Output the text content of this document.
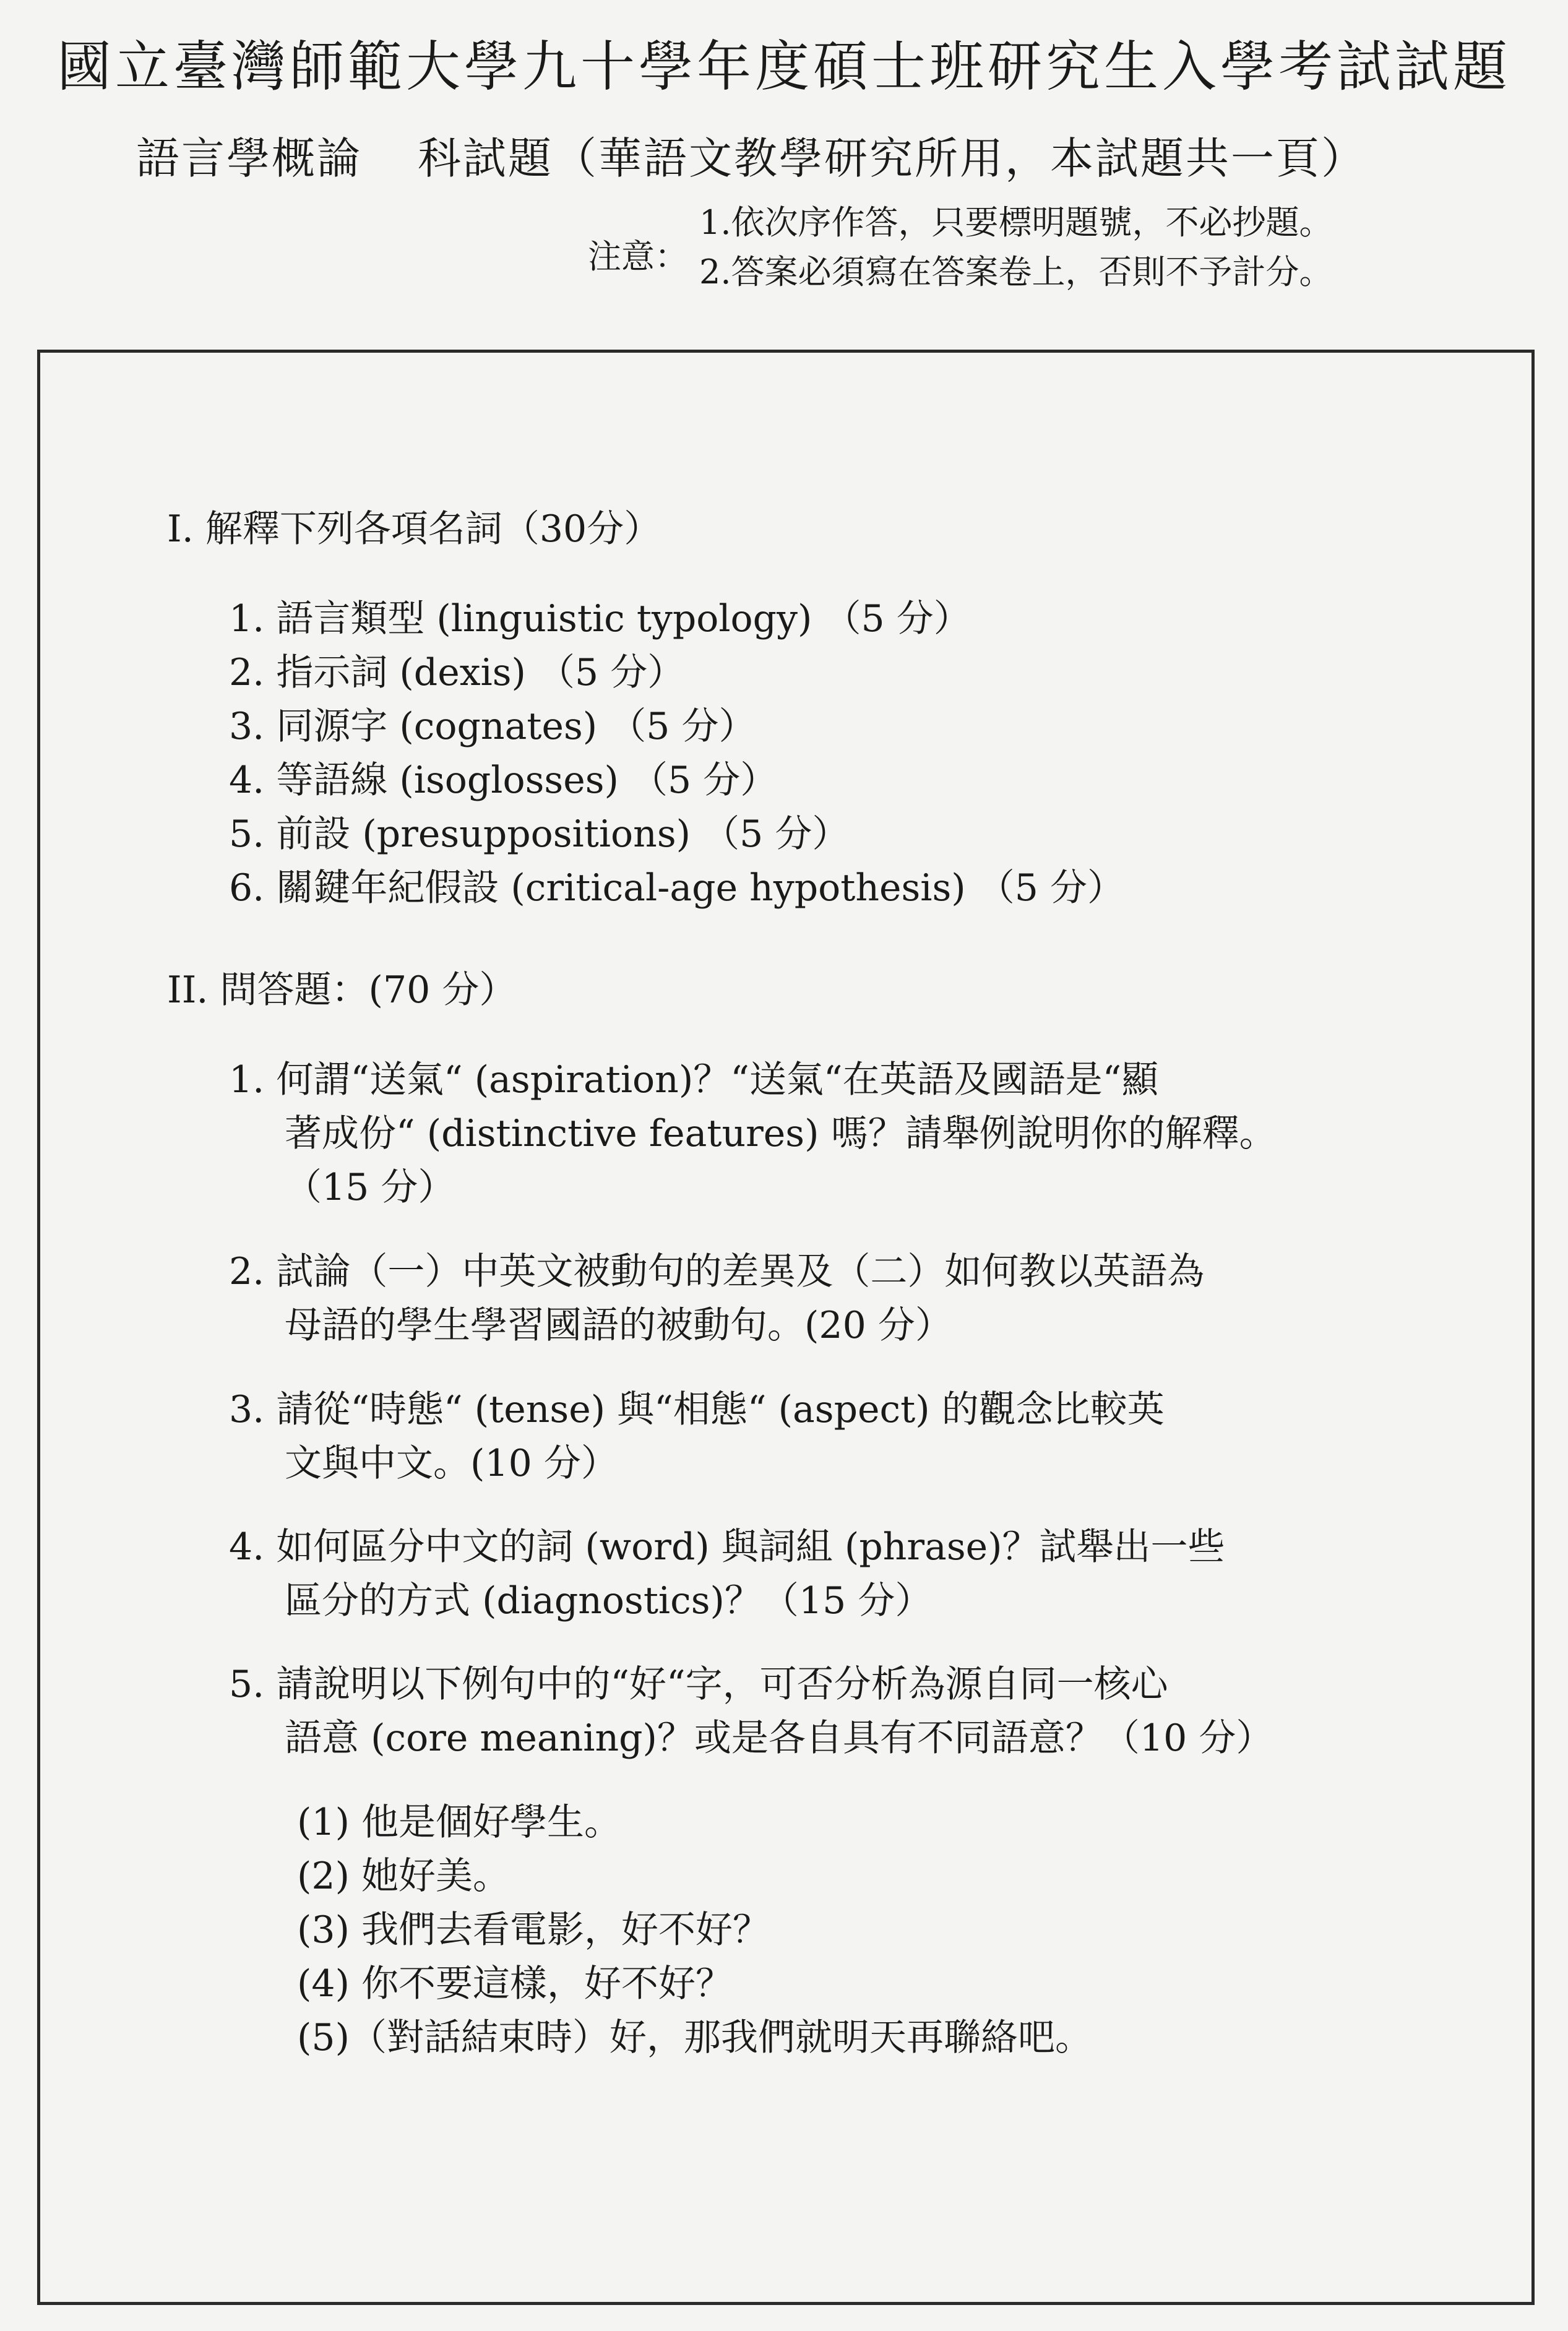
國立臺灣師範大學九十學年度碩士班研究生入學考試試題
語言學概論 科試題（華語文教學研究所用，本試題共一頁）
注意：
1.依次序作答，只要標明題號，不必抄題。
2.答案必須寫在答案卷上，否則不予計分。
I. 解釋下列各項名詞（30分）
1. 語言類型 (linguistic typology) （5 分）
2. 指示詞 (dexis) （5 分）
3. 同源字 (cognates) （5 分）
4. 等語線 (isoglosses) （5 分）
5. 前設 (presuppositions) （5 分）
6. 關鍵年紀假設 (critical-age hypothesis) （5 分）
II. 問答題：(70 分）
1. 何謂“送氣“ (aspiration)？“送氣“在英語及國語是“顯
著成份“ (distinctive features) 嗎？請舉例說明你的解釋。
（15 分）
2. 試論（一）中英文被動句的差異及（二）如何教以英語為
母語的學生學習國語的被動句。(20 分）
3. 請從“時態“ (tense) 與“相態“ (aspect) 的觀念比較英
文與中文。(10 分）
4. 如何區分中文的詞 (word) 與詞組 (phrase)？試舉出一些
區分的方式 (diagnostics)？（15 分）
5. 請說明以下例句中的“好“字，可否分析為源自同一核心
語意 (core meaning)？或是各自具有不同語意？（10 分）
(1) 他是個好學生。
(2) 她好美。
(3) 我們去看電影，好不好？
(4) 你不要這樣，好不好？
(5)（對話結束時）好，那我們就明天再聯絡吧。
